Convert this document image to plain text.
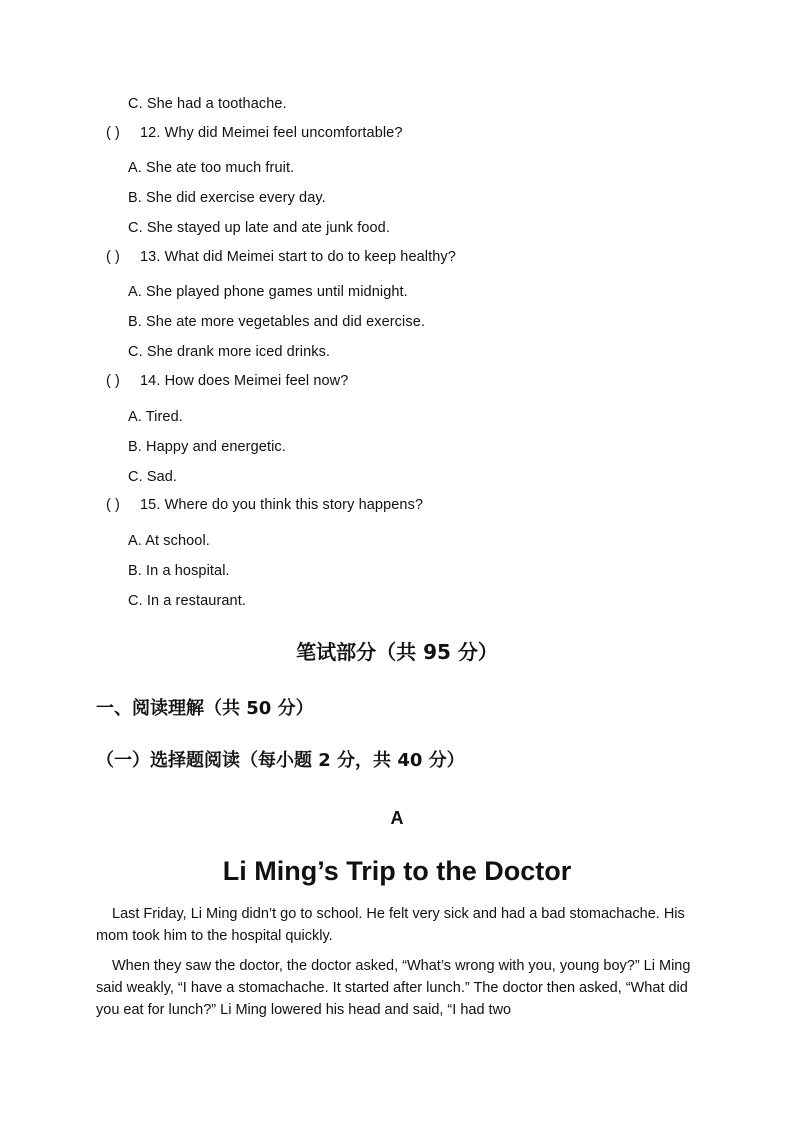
C. She had a toothache.
( ) 12. Why did Meimei feel uncomfortable?
A. She ate too much fruit.
B. She did exercise every day.
C. She stayed up late and ate junk food.
( ) 13. What did Meimei start to do to keep healthy?
A. She played phone games until midnight.
B. She ate more vegetables and did exercise.
C. She drank more iced drinks.
( ) 14. How does Meimei feel now?
A. Tired.
B. Happy and energetic.
C. Sad.
( ) 15. Where do you think this story happens?
A. At school.
B. In a hospital.
C. In a restaurant.
笔试部分（共 95 分）
一、阅读理解（共 50 分）
（一）选择题阅读（每小题 2 分，共 40 分）
A
Li Ming’s Trip to the Doctor

Last Friday, Li Ming didn’t go to school. He felt very sick and had a bad stomachache. His mom took him to the hospital quickly.

When they saw the doctor, the doctor asked, “What’s wrong with you, young boy?” Li Ming said weakly, “I have a stomachache. It started after lunch.” The doctor then asked, “What did you eat for lunch?” Li Ming lowered his head and said, “I had two
